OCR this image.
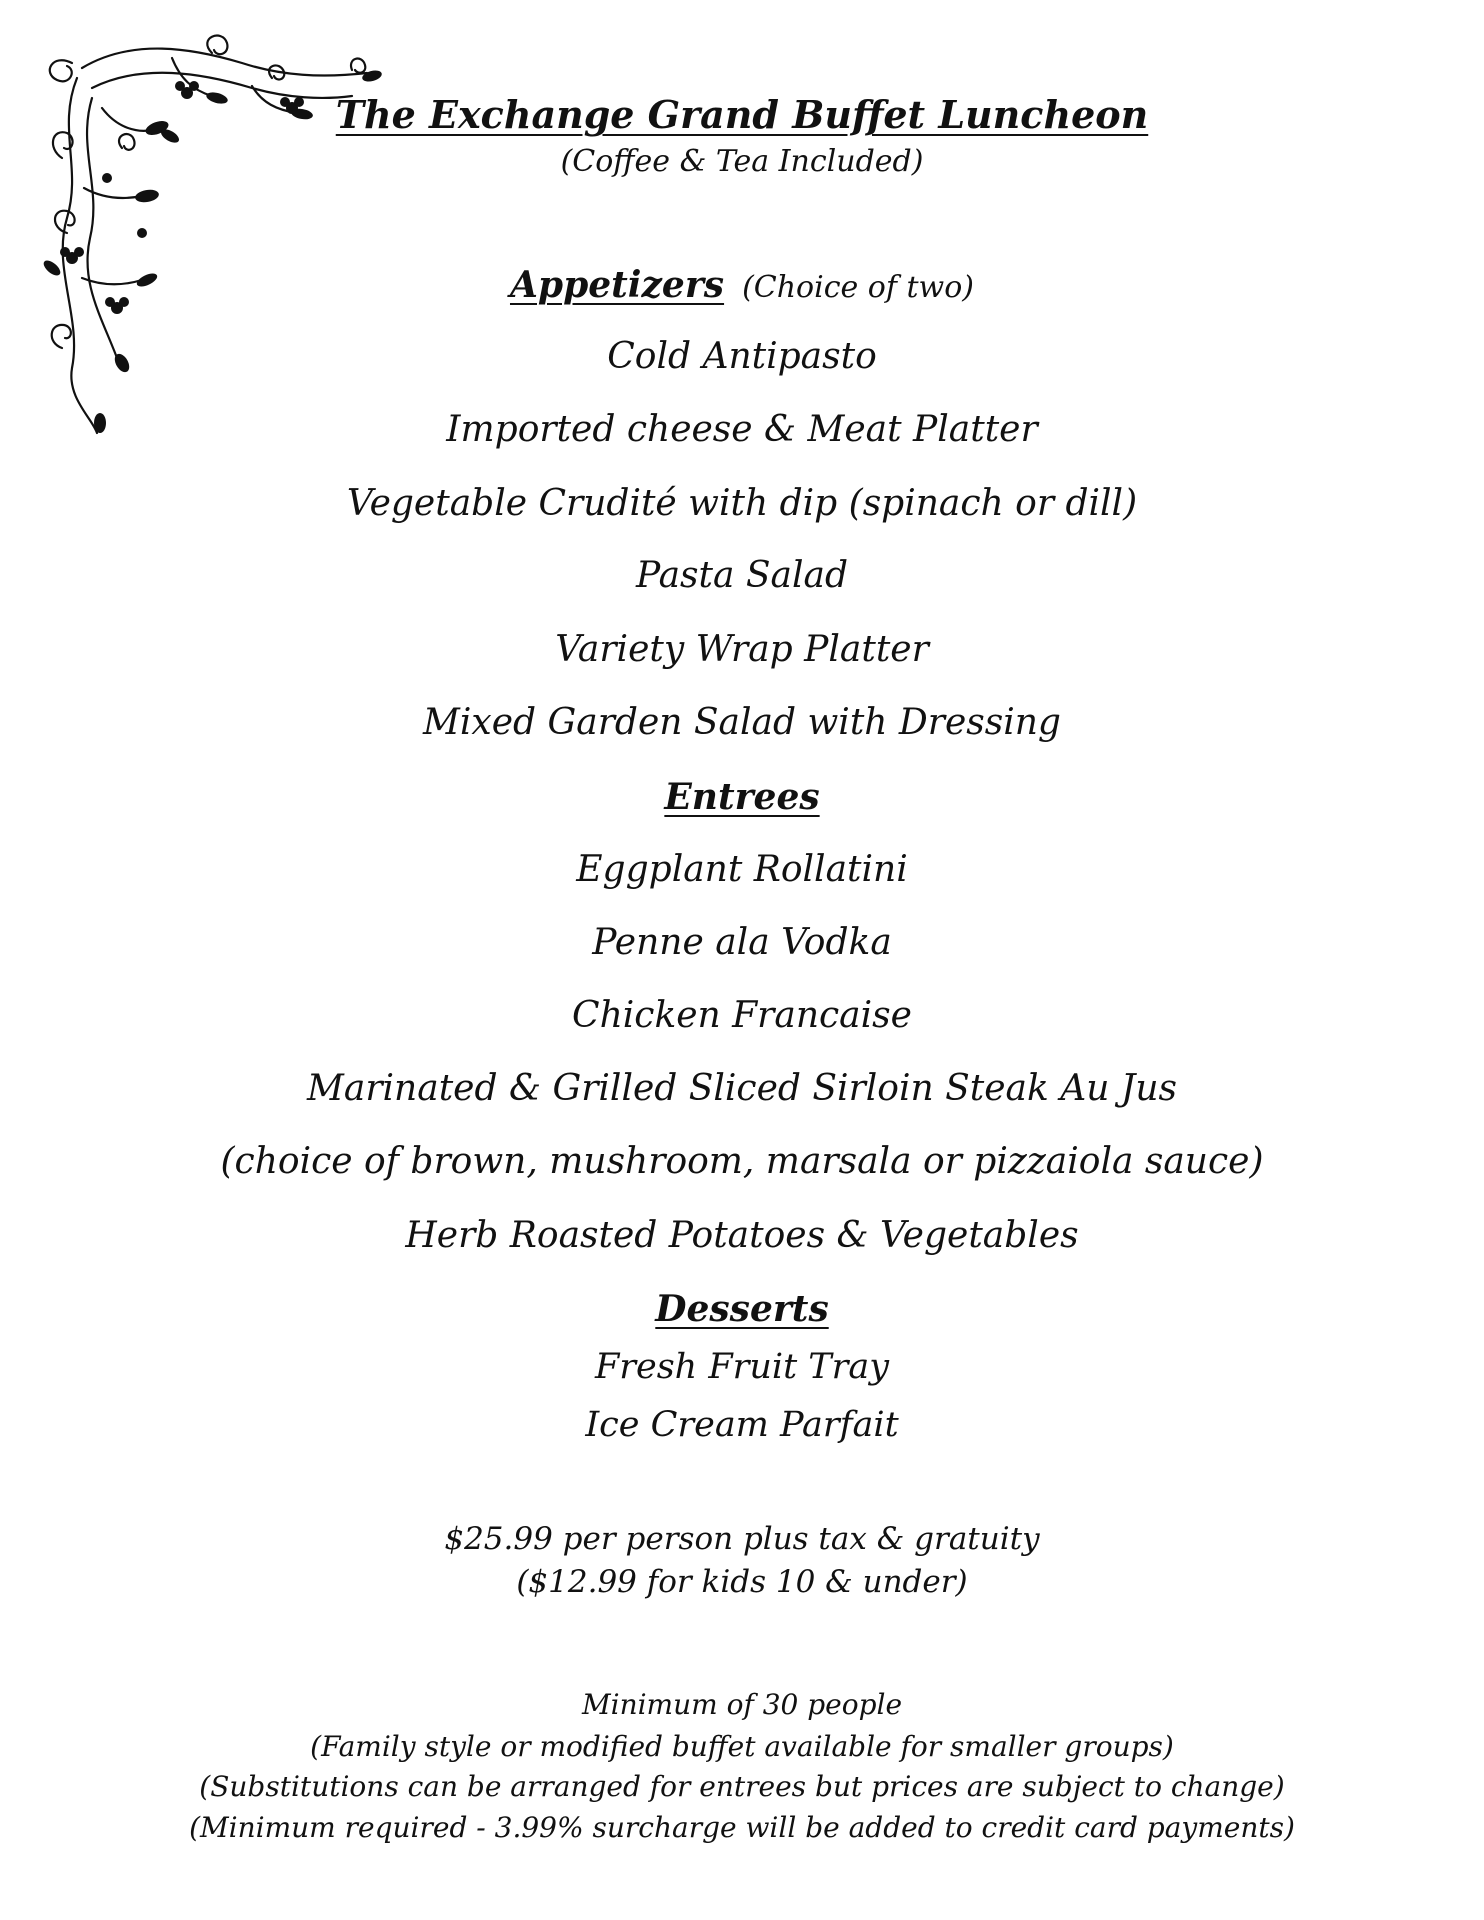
The Exchange Grand Buffet Luncheon
(Coffee & Tea Included)
Appetizers (Choice of two)
Cold Antipasto
Imported cheese & Meat Platter
Vegetable Crudité with dip (spinach or dill)
Pasta Salad
Variety Wrap Platter
Mixed Garden Salad with Dressing
Entrees
Eggplant Rollatini
Penne ala Vodka
Chicken Francaise
Marinated & Grilled Sliced Sirloin Steak Au Jus
(choice of brown, mushroom, marsala or pizzaiola sauce)
Herb Roasted Potatoes & Vegetables
Desserts
Fresh Fruit Tray
Ice Cream Parfait
$25.99 per person plus tax & gratuity
($12.99 for kids 10 & under)
Minimum of 30 people
(Family style or modified buffet available for smaller groups)
(Substitutions can be arranged for entrees but prices are subject to change)
(Minimum required - 3.99% surcharge will be added to credit card payments)
